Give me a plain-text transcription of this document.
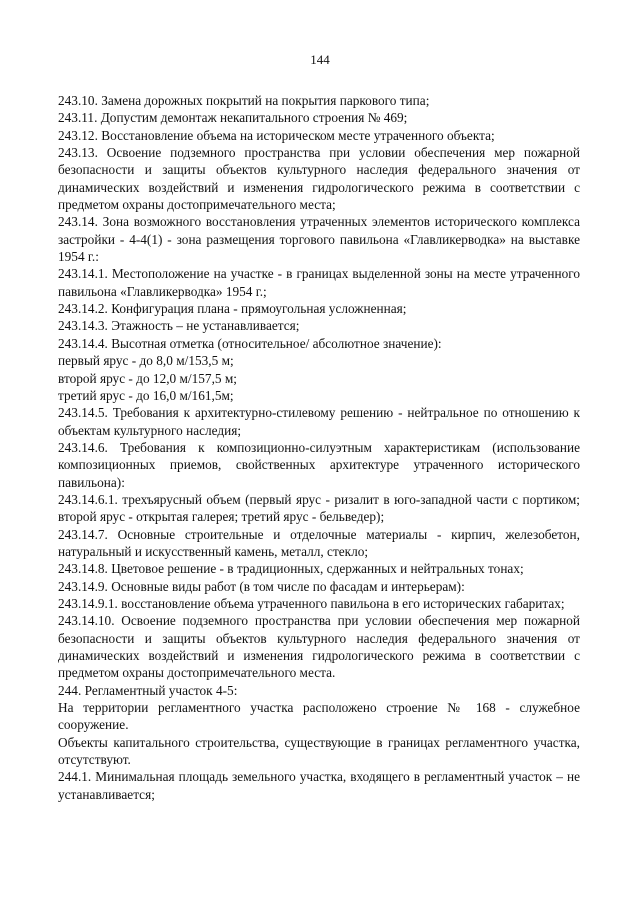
144

243.10. Замена дорожных покрытий на покрытия паркового типа;

243.11. Допустим демонтаж некапитального строения № 469;

243.12. Восстановление объема на историческом месте утраченного объекта;

243.13. Освоение подземного пространства при условии обеспечения мер пожарной безопасности и защиты объектов культурного наследия федерального значения от динамических воздействий и изменения гидрологического режима в соответствии с предметом охраны достопримечательного места;

243.14. Зона возможного восстановления утраченных элементов исторического комплекса застройки - 4-4(1) - зона размещения торгового павильона «Главликерводка» на выставке 1954 г.:

243.14.1. Местоположение на участке - в границах выделенной зоны на месте утраченного павильона «Главликерводка» 1954 г.;

243.14.2. Конфигурация плана - прямоугольная усложненная;

243.14.3. Этажность – не устанавливается;

243.14.4. Высотная отметка (относительное/ абсолютное значение):

первый ярус - до 8,0 м/153,5 м;

второй ярус - до 12,0 м/157,5 м;

третий ярус - до 16,0 м/161,5м;

243.14.5. Требования к архитектурно-стилевому решению - нейтральное по отношению к объектам культурного наследия;

243.14.6. Требования к композиционно-силуэтным характеристикам (использование композиционных приемов, свойственных архитектуре утраченного исторического павильона):

243.14.6.1. трехъярусный объем (первый ярус - ризалит в юго-западной части с портиком; второй ярус - открытая галерея; третий ярус - бельведер);

243.14.7. Основные строительные и отделочные материалы - кирпич, железобетон, натуральный и искусственный камень, металл, стекло;

243.14.8. Цветовое решение - в традиционных, сдержанных и нейтральных тонах;

243.14.9. Основные виды работ (в том числе по фасадам и интерьерам):

243.14.9.1. восстановление объема утраченного павильона в его исторических габаритах;

243.14.10. Освоение подземного пространства при условии обеспечения мер пожарной безопасности и защиты объектов культурного наследия федерального значения от динамических воздействий и изменения гидрологического режима в соответствии с предметом охраны достопримечательного места.

244. Регламентный участок 4-5:

На территории регламентного участка расположено строение № 168 - служебное сооружение.

Объекты капитального строительства, существующие в границах регламентного участка, отсутствуют.

244.1. Минимальная площадь земельного участка, входящего в регламентный участок – не устанавливается;
